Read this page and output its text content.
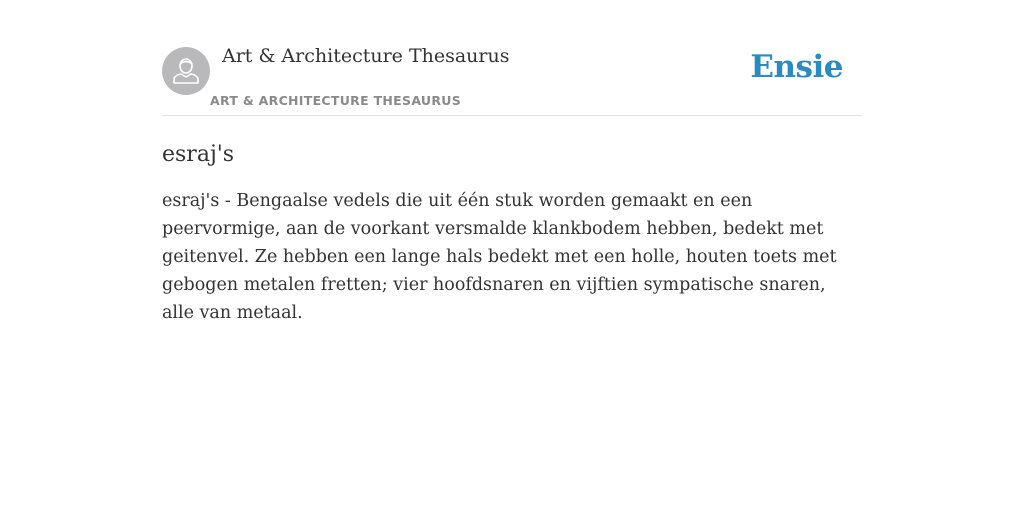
Art & Architecture Thesaurus
ART & ARCHITECTURE THESAURUS
Ensie
esraj's

esraj's - Bengaalse vedels die uit één stuk worden gemaakt en een peervormige, aan de voorkant versmalde klankbodem hebben, bedekt met geitenvel. Ze hebben een lange hals bedekt met een holle, houten toets met gebogen metalen fretten; vier hoofdsnaren en vijftien sympatische snaren, alle van metaal.
